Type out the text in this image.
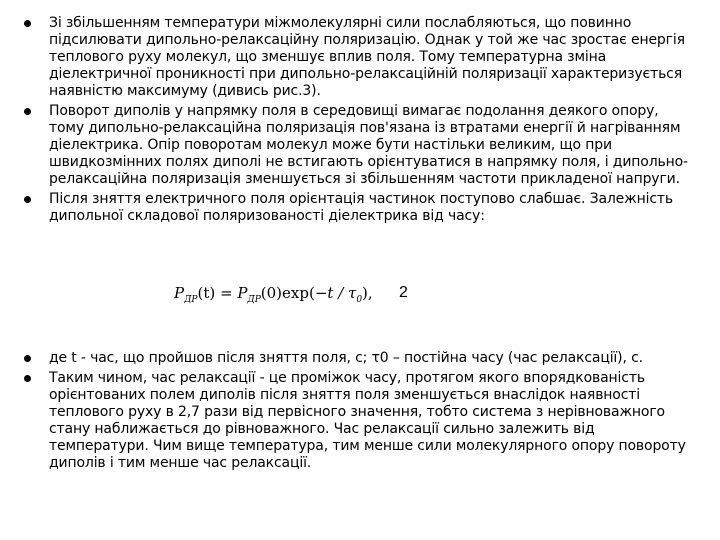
Зі збільшенням температури міжмолекулярні сили послабляються, що повинно підсилювати дипольно-релаксаційну поляризацію. Однак у той же час зростає енергія теплового руху молекул, що зменшує вплив поля. Тому температурна зміна діелектричної проникності при дипольно-релаксаційній поляризації характеризується наявністю максимуму (дивись рис.3).
Поворот диполів у напрямку поля в середовищі вимагає подолання деякого опору, тому дипольно-релаксаційна поляризація пов'язана із втратами енергії й нагріванням діелектрика. Опір поворотам молекул може бути настільки великим, що при швидкозмінних полях диполі не встигають орієнтуватися в напрямку поля, і дипольно-релаксаційна поляризація зменшується зі збільшенням частоти прикладеної напруги.
Після зняття електричного поля орієнтація частинок поступово слабшає. Залежність дипольної складової поляризованості діелектрика від часу:
$P_{ДР}(t) = P_{ДР}(0)\exp(-t / \tau_0)$, 2
де t - час, що пройшов після зняття поля, с; τ0 – постійна часу (час релаксації), с.
Таким чином, час релаксації - це проміжок часу, протягом якого впорядкованість орієнтованих полем диполів після зняття поля зменшується внаслідок наявності теплового руху в 2,7 рази від первісного значення, тобто система з нерівноважного стану наближається до рівноважного. Час релаксації сильно залежить від температури. Чим вище температура, тим менше сили молекулярного опору повороту диполів і тим менше час релаксації.
